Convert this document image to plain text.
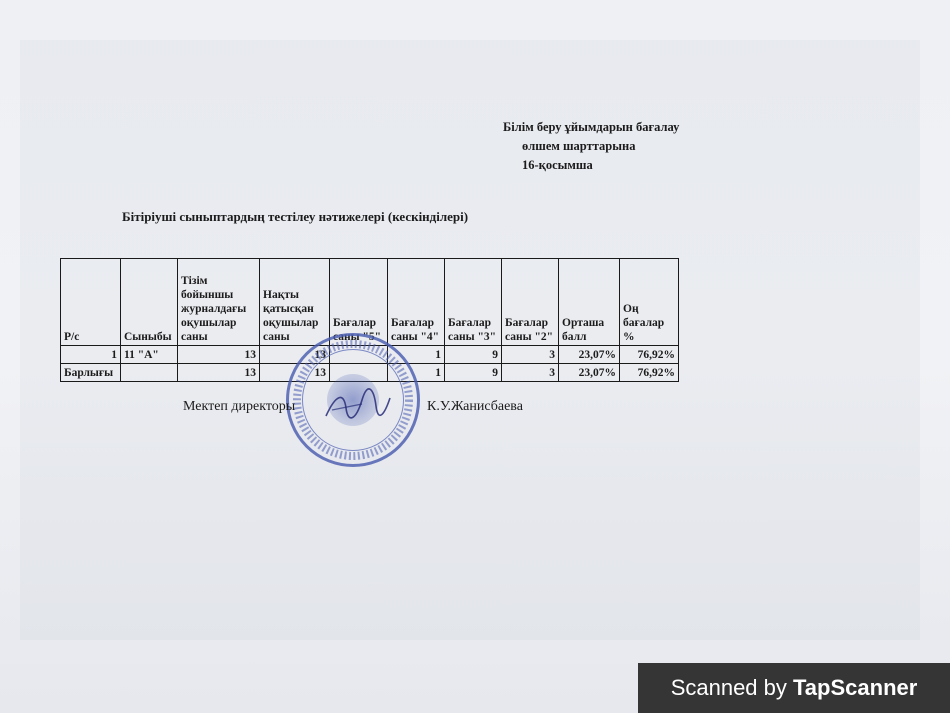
Білім беру ұйымдарын бағалау
өлшем шарттарына
16-қосымша
Бітіріуші сыныптардың тестілеу нәтижелері (кескінділері)
Р/с	Сыныбы	Тізім бойыншы журналдағы оқушылар саны	Нақты қатысқан оқушылар саны	Бағалар саны "5"	Бағалар саны "4"	Бағалар саны "3"	Бағалар саны "2"	Орташа балл	Оң бағалар %
1	11 "А"	13	13		1	9	3	23,07%	76,92%
Барлығы		13	13		1	9	3	23,07%	76,92%
Мектеп директоры	К.У.Жанисбаева
Scanned by TapScanner
